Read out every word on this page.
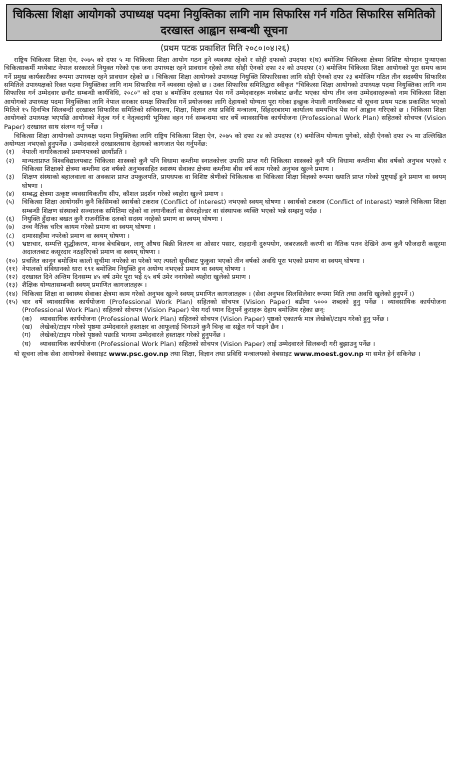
चिकित्सा शिक्षा आयोगको उपाध्यक्ष पदमा नियुक्तिका लागि नाम सिफारिस गर्न गठित सिफारिस समितिको दरखास्त आह्वान सम्बन्धी सूचना
(प्रथम पटक प्रकाशित मिति २०८०।०४।२६)

राष्ट्रिय चिकित्सा शिक्षा ऐन, २०७५ को दफा ५ मा चिकित्सा शिक्षा आयोग गठन हुने व्यवस्था रहेको र सोही दफाको उपदफा १(घ) बमोजिम चिकित्सा क्षेत्रमा विशिष्ट योगदान पुऱ्याएका चिकित्साकर्मी मध्येबाट नेपाल सरकारले नियुक्त गरेको एक जना उपाध्यक्ष रहने प्रावधान रहेको तथा सोही ऐनको दफा २२ को उपदफा (२) बमोजिम चिकित्सा शिक्षा आयोगको पूरा समय काम गर्ने प्रमुख कार्यकारीका रूपमा उपाध्यक्ष रहने प्रावधान रहेको छ । चिकित्सा शिक्षा आयोगको उपाध्यक्ष नियुक्ति सिफारिसका लागि सोही ऐनको दफा २३ बमोजिम गठित तीन सदस्यीय सिफारिस समितिले उपाध्यक्षको रिक्त पदमा नियुक्तिका लागि नाम सिफारिस गर्ने व्यवस्था रहेको छ । उक्त सिफारिस समितिद्वारा स्वीकृत "चिकित्सा शिक्षा आयोगको उपाध्यक्ष पदमा नियुक्तिका लागि नाम सिफारिस गर्न उम्मेदवार छनौट सम्बन्धी कार्यविधि, २०८०" को दफा ४ बमोजिम दरखास्त पेस गर्ने उम्मेदवारहरू मध्येबाट छनौट भएका योग्य तीन जना उम्मेदवारहरूको नाम चिकित्सा शिक्षा आयोगको उपाध्यक्ष पदमा नियुक्तिका लागि नेपाल सरकार समक्ष सिफारिस गर्ने प्रयोजनका लागि देहायको योग्यता पूरा गरेका इच्छुक नेपाली नागरिकबाट यो सूचना प्रथम पटक प्रकाशित भएको मितिले १५ दिनभित्र सिलबन्दी दरखास्त सिफारिस समितिको सचिवालय, शिक्षा, विज्ञान तथा प्रविधि मन्त्रालय, सिंहदरबारमा कार्यालय समयभित्र पेस गर्न आह्वान गरिएको छ । चिकित्सा शिक्षा आयोगको उपाध्यक्ष भएपछि आयोगको नेतृत्व गर्न र नेतृत्वदायी भूमिका वहन गर्न सम्बन्धमा चार वर्षे व्यावसायिक कार्ययोजना (Professional Work Plan) सहितको सोचपत्र (Vision Paper) दरखास्त साथ संलग्न गर्नु पर्नेछ ।

चिकित्सा शिक्षा आयोगको उपाध्यक्ष पदमा नियुक्तिका लागि राष्ट्रिय चिकित्सा शिक्षा ऐन, २०७५ को दफा २४ को उपदफा (१) बमोजिम योग्यता पुगेको, सोही ऐनको दफा २५ मा उल्लिखित अयोग्यता नभएको हुनुपर्नेछ । उम्मेदवारले दरखास्तसाथ देहायको कागजात पेस गर्नुपर्नेछ:

(१) नेपाली नागरिकताको प्रमाणपत्रको छायाँप्रति ।
(२) मान्यताप्राप्त विश्वविद्यालयबाट चिकित्सा शास्त्रको कुनै पनि विधामा कम्तीमा स्नातकोत्तर उपाधि प्राप्त गरी चिकित्सा शास्त्रको कुनै पनि विधामा कम्तीमा बीस वर्षको अनुभव भएको र चिकित्सा शिक्षाको क्षेत्रमा कम्तीमा दश वर्षको अनुभवसहित स्वास्थ्य सेवाका क्षेत्रमा कम्तीमा बीस वर्ष काम गरेको अनुभव खुल्ने प्रमाण ।
(३) शिक्षण संस्थाको बहालवाला वा अवकाश प्राप्त उपकुलपति, प्रायधपक वा विशिष्ट श्रेणीको चिकित्सक वा चिकित्सा शिक्षा विज्ञको रूपमा ख्याति प्राप्त गरेको पुष्ट्याइँ हुने प्रमाण वा स्वयम् घोषणा ।
(४) सम्बद्ध क्षेत्रमा उत्कृष्ट व्यवसायिकतीय सीप, कौशल प्रदर्शन गरेको व्यहोरा खुल्ने प्रमाण ।
(५) चिकित्सा शिक्षा आयोगसँग कुनै किसिमको स्वार्थको टकराव (Conflict of Interest) नभएको स्वयम् घोषणा । स्वार्थको टकराव (Conflict of Interest) भन्नाले चिकित्सा शिक्षा सम्बन्धी शिक्षण संस्थाको सञ्चालक समितिमा रहेको वा लगानीकर्ता वा सेयरहोल्डर वा संस्थापक व्यक्ति भएको भन्ने सम्झनु पर्दछ ।
(६) नियुक्ति हुँदाका बखत कुनै राजनीतिक दलको सदस्य नरहेको प्रमाण वा स्वयम् घोषणा ।
(७) उच्च नैतिक चरित्र कायम गरेको प्रमाण वा स्वयम् घोषणा ।
(८) दामासाहीमा नपरेको प्रमाण वा स्वयम् घोषणा ।
(९) भ्रष्टाचार, सम्पत्ति शुद्धीकरण, मानव बेचबिखन, लागू औषध बिक्री वितरण वा ओसार पसार, राहदानी दुरुपयोग, जबरजस्ती करणी वा नैतिक पतन देखिने अन्य कुनै फौजदारी कसूरमा अदालतबाट कसूरदार नठहरिएको प्रमाण वा स्वयम् घोषणा ।
(१०) प्रचलित कानून बमोजिम कालो सूचीमा नपरेको वा परेको भए त्यस्तो सूचीबाट फुकुवा भएको तीन वर्षको अवधि पूरा भएको प्रमाण वा स्वयम् घोषणा ।
(११) नेपालको संविधानको धारा १९१ बमोजिम नियुक्ति हुन अयोग्य नभएको प्रमाण वा स्वयम् घोषणा ।
(१२) दरखास्त दिने अन्तिम दिनसम्म ४५ वर्ष उमेर पूरा भई ६५ वर्ष उमेर ननाघेको व्यहोरा खुलेको प्रमाण ।
(१३) शैक्षिक योग्यतासम्बन्धी स्वयम् प्रमाणित कागजातहरू ।
(१४) चिकित्सा शिक्षा वा स्वास्थ्य सेवाका क्षेत्रमा काम गरेको अनुभव खुल्ने स्वयम् प्रमाणित कागजातहरू । (सेवा अनुभव सिलसिलेवार रूपमा मिति तथा अवधि खुलेको हुनुपर्ने ।)
(१५) चार वर्षे व्यावसायिक कार्ययोजना (Professional Work Plan) सहितको सोचपत्र (Vision Paper) बढीमा ५००० शब्दको हुनु पर्नेछ । व्यावसायिक कार्ययोजना (Professional Work Plan) सहितको सोचपत्र (Vision Paper) पेस गर्दा ध्यान दिनुपर्ने कुराहरू देहाय बमोजिम रहेका छन्:
(क) व्यावसायिक कार्ययोजना (Professional Work Plan) सहितको सोचपत्र (Vision Paper) पृष्ठको एकातर्फ मात्र लेखेको/टाइप गरेको हुनु पर्नेछ ।
(ख) लेखेको/टाइप गरेको पृष्ठमा उम्मेदवारले हस्ताक्षर वा आफूलाई चिनाउने कुनै चिन्ह वा सङ्केत गर्न पाइने छैन ।
(ग) लेखेको/टाइप गरेको पृष्ठको पछाडि भागमा उम्मेदवारले हस्ताक्षर गरेको हुनुपर्नेछ ।
(घ) व्यावसायिक कार्ययोजना (Professional Work Plan) सहितको सोचपत्र (Vision Paper) लाई उम्मेदवारले सिलबन्दी गरी बुझाउनु पर्नेछ ।
यो सूचना लोक सेवा आयोगको वेबसाइट www.psc.gov.np तथा शिक्षा, विज्ञान तथा प्रविधि मन्त्रालयको वेबसाइट www.moest.gov.np मा समेत हेर्न सकिनेछ ।
